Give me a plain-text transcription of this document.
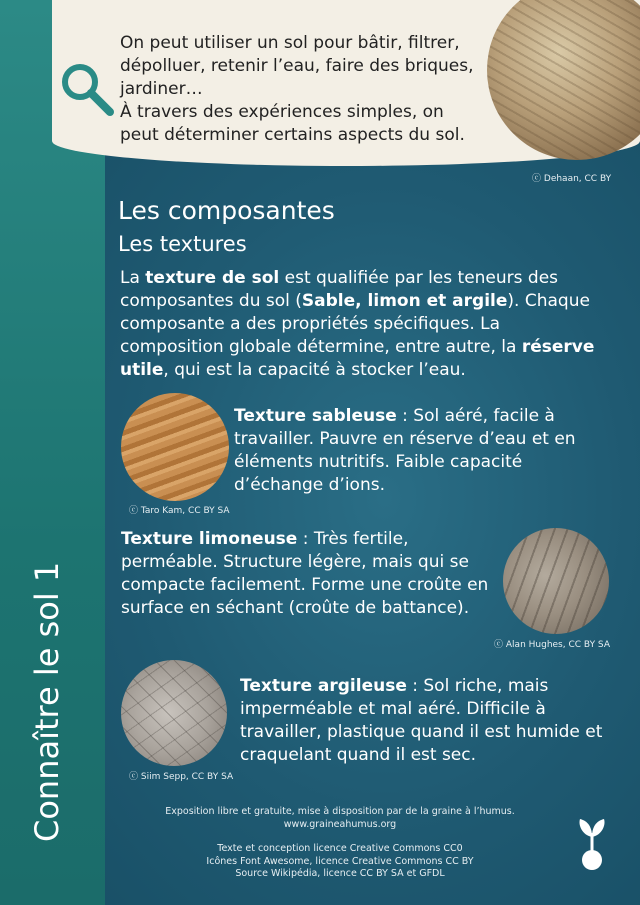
On peut utiliser un sol pour bâtir, filtrer,
dépolluer, retenir l’eau, faire des briques,
jardiner…
À travers des expériences simples, on
peut déterminer certains aspects du sol.
ⓒ Dehaan, CC BY
Les composantes
Les textures

La texture de sol est qualifiée par les teneurs des composantes du sol (Sable, limon et argile). Chaque composante a des propriétés spécifiques. La composition globale détermine, entre autre, la réserve utile, qui est la capacité à stocker l’eau.

Texture sableuse : Sol aéré, facile à travailler. Pauvre en réserve d’eau et en éléments nutritifs. Faible capacité d’échange d’ions.

ⓒ Taro Kam, CC BY SA

Texture limoneuse : Très fertile, perméable. Structure légère, mais qui se compacte facilement. Forme une croûte en surface en séchant (croûte de battance).

ⓒ Alan Hughes, CC BY SA

Texture argileuse : Sol riche, mais imperméable et mal aéré. Difficile à travailler, plastique quand il est humide et craquelant quand il est sec.

ⓒ Siim Sepp, CC BY SA
Connaître le sol 1	Exposition libre et gratuite, mise à disposition par de la graine à l’humus.

www.graineahumus.org

Texte et conception licence Creative Commons CC0

Icônes Font Awesome, licence Creative Commons CC BY

Source Wikipédia, licence CC BY SA et GFDL
